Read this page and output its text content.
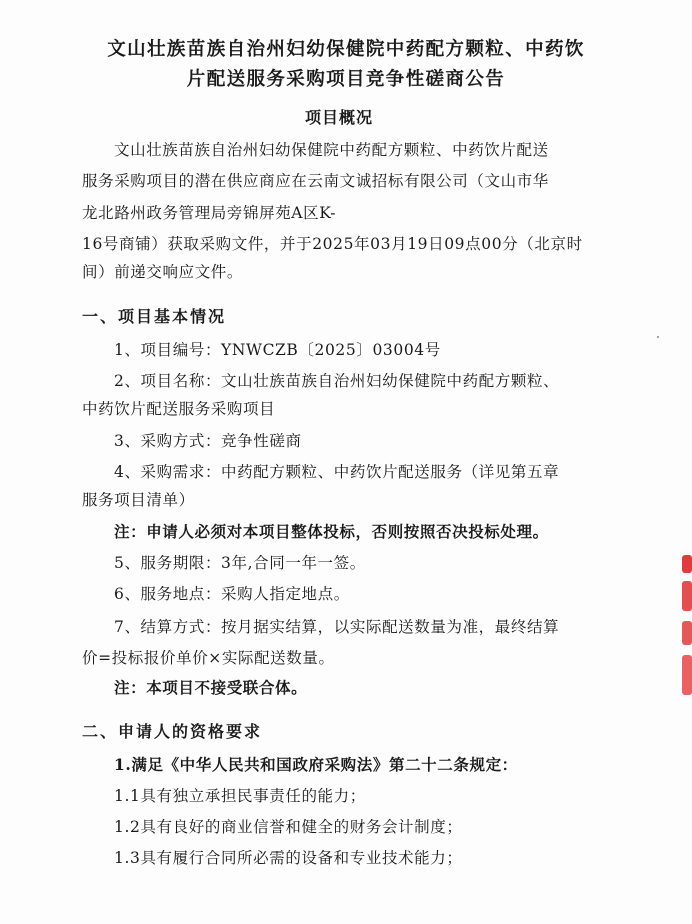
文山壮族苗族自治州妇幼保健院中药配方颗粒、中药饮
片配送服务采购项目竞争性磋商公告
项目概况
文山壮族苗族自治州妇幼保健院中药配方颗粒、中药饮片配送
服务采购项目的潜在供应商应在云南文诚招标有限公司（文山市华
龙北路州政务管理局旁锦屏苑A区K-
16号商铺）获取采购文件，并于2025年03月19日09点00分（北京时
间）前递交响应文件。
一、项目基本情况
1、项目编号：YNWCZB〔2025〕03004号
2、项目名称：文山壮族苗族自治州妇幼保健院中药配方颗粒、
中药饮片配送服务采购项目
3、采购方式：竞争性磋商
4、采购需求：中药配方颗粒、中药饮片配送服务（详见第五章
服务项目清单）
注：申请人必须对本项目整体投标，否则按照否决投标处理。
5、服务期限：3年,合同一年一签。
6、服务地点：采购人指定地点。
7、结算方式：按月据实结算，以实际配送数量为准，最终结算
价=投标报价单价×实际配送数量。
注：本项目不接受联合体。
二、申请人的资格要求
1.满足《中华人民共和国政府采购法》第二十二条规定：
1.1具有独立承担民事责任的能力；
1.2具有良好的商业信誉和健全的财务会计制度；
1.3具有履行合同所必需的设备和专业技术能力；
